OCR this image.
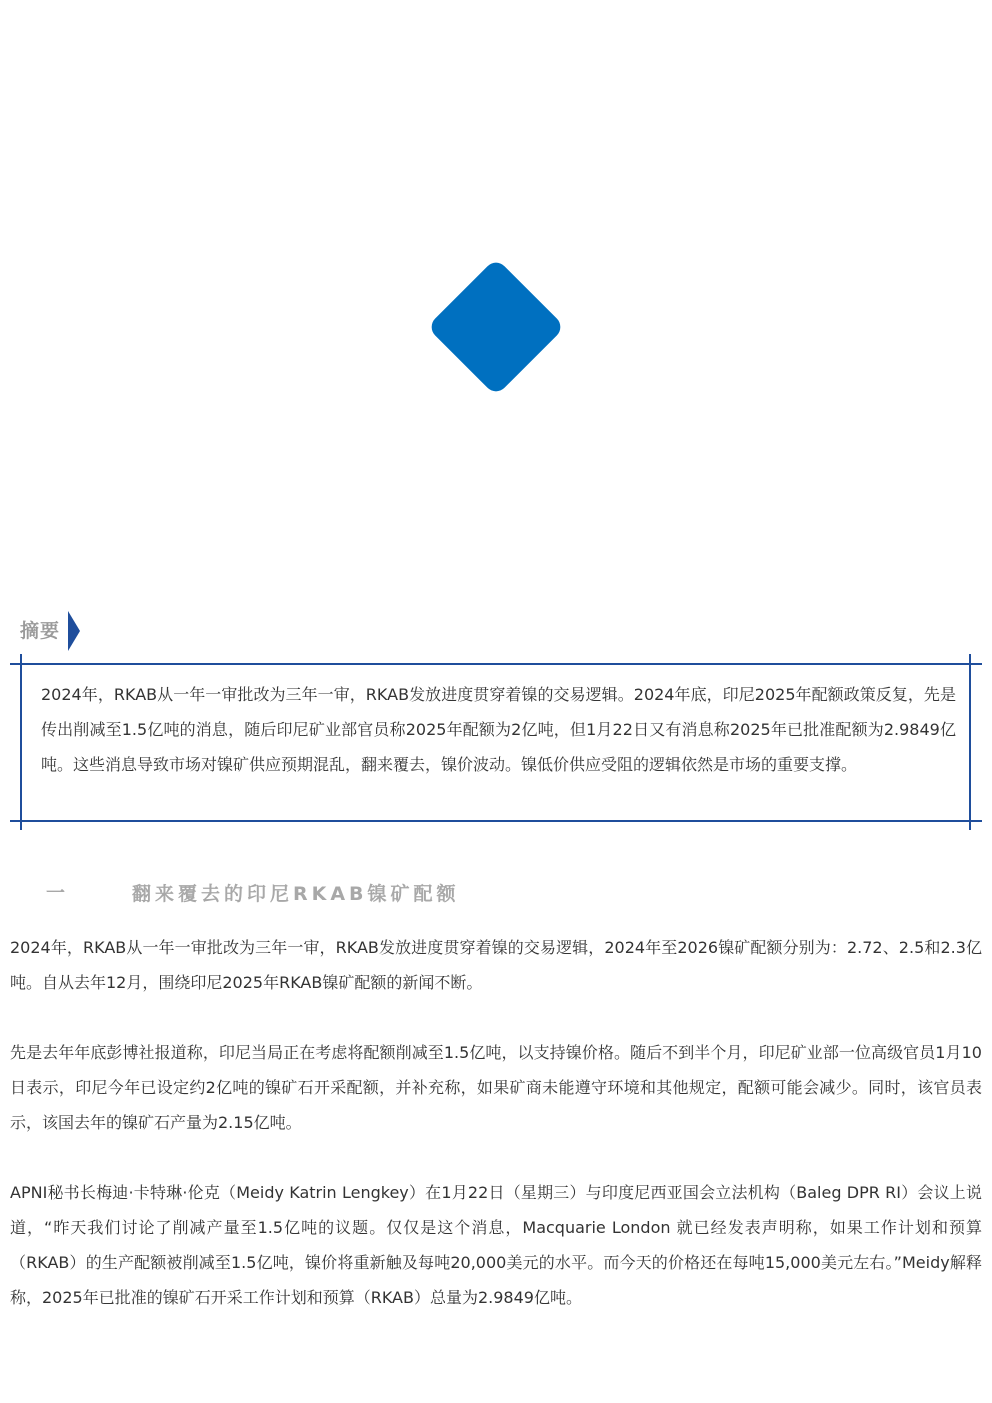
摘要
2024年，RKAB从一年一审批改为三年一审，RKAB发放进度贯穿着镍的交易逻辑。2024年底，印尼2025年配额政策反复，先是传出削减至1.5亿吨的消息，随后印尼矿业部官员称2025年配额为2亿吨，但1月22日又有消息称2025年已批准配额为2.9849亿吨。这些消息导致市场对镍矿供应预期混乱，翻来覆去，镍价波动。镍低价供应受阻的逻辑依然是市场的重要支撑。
一	翻来覆去的印尼RKAB镍矿配额

2024年，RKAB从一年一审批改为三年一审，RKAB发放进度贯穿着镍的交易逻辑，2024年至2026镍矿配额分别为：2.72、2.5和2.3亿吨。自从去年12月，围绕印尼2025年RKAB镍矿配额的新闻不断。

先是去年年底彭博社报道称，印尼当局正在考虑将配额削减至1.5亿吨，以支持镍价格。随后不到半个月，印尼矿业部一位高级官员1月10日表示，印尼今年已设定约2亿吨的镍矿石开采配额，并补充称，如果矿商未能遵守环境和其他规定，配额可能会减少。同时，该官员表示，该国去年的镍矿石产量为2.15亿吨。

APNI秘书长梅迪·卡特琳·伦克（Meidy Katrin Lengkey）在1月22日（星期三）与印度尼西亚国会立法机构（Baleg DPR RI）会议上说道，“昨天我们讨论了削减产量至1.5亿吨的议题。仅仅是这个消息，Macquarie London 就已经发表声明称，如果工作计划和预算（RKAB）的生产配额被削减至1.5亿吨，镍价将重新触及每吨20,000美元的水平。而今天的价格还在每吨15,000美元左右。”Meidy解释称，2025年已批准的镍矿石开采工作计划和预算（RKAB）总量为2.9849亿吨。
